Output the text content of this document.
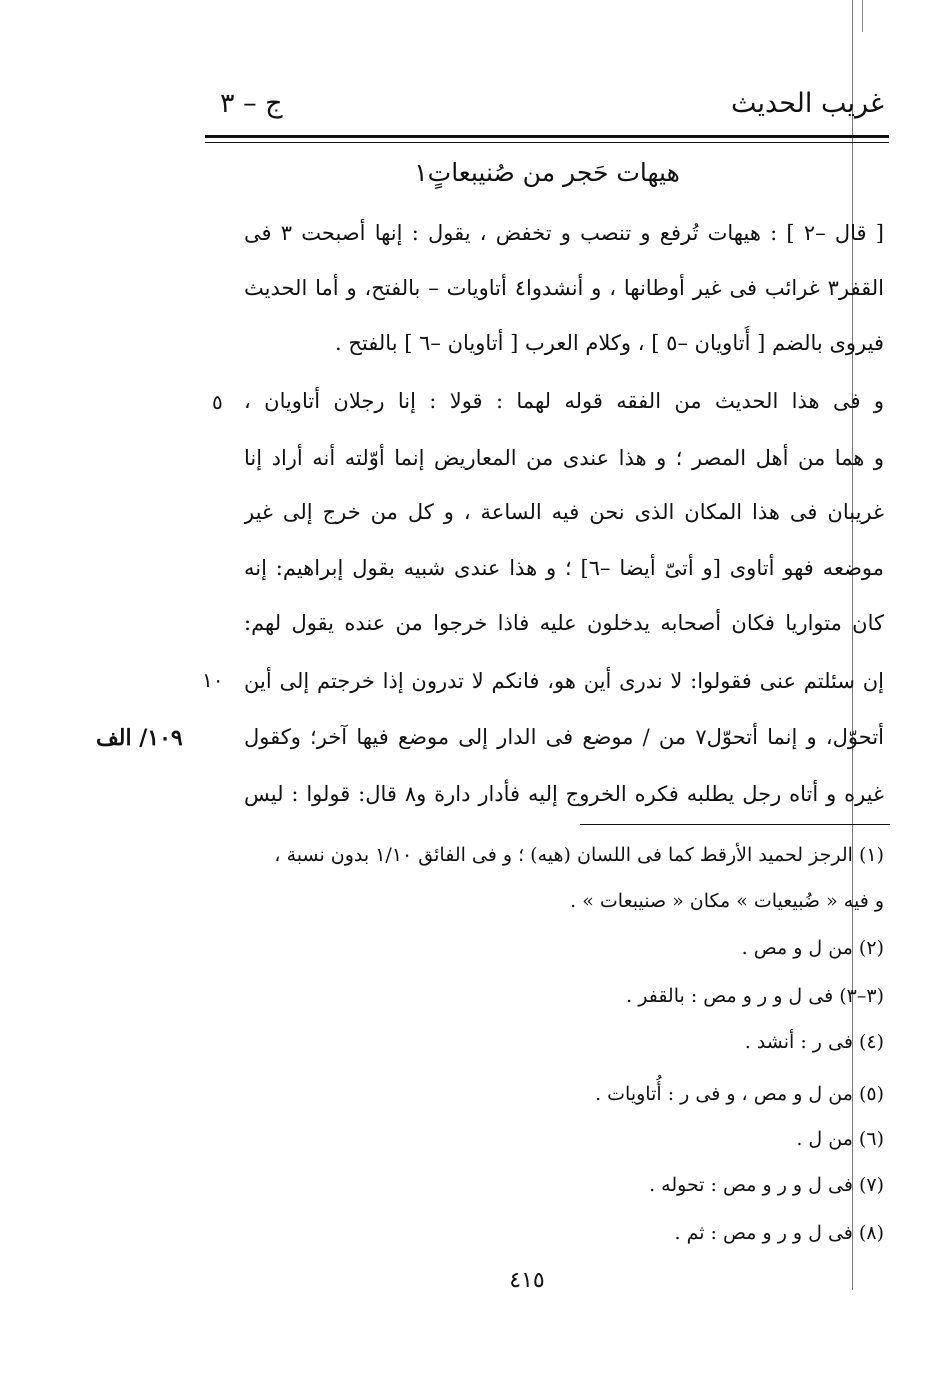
غريب الحديث
ج – ٣
هيهات حَجر من صُنيبعاتٍ١
[ قال –٢ ] : هيهات تُرفع و تنصب و تخفض ، يقول : إنها أصبحت ٣ فى
القفر٣ غرائب فى غير أوطانها ، و أنشدوا٤ أتاويات – بالفتح، و أما الحديث
فيروى بالضم [ أُتاويان –٥ ] ، وكلام العرب [ أتاويان –٦ ] بالفتح .
و فى هذا الحديث من الفقه قوله لهما : قولا : إنا رجلان أتاويان ،
و هما من أهل المصر ؛ و هذا عندى من المعاريض إنما أوّلته أنه أراد إنا
غريبان فى هذا المكان الذى نحن فيه الساعة ، و كل من خرج إلى غير
موضعه فهو أتاوى [و أتىّ أيضا –٦] ؛ و هذا عندى شبيه بقول إبراهيم: إنه
كان متواريا فكان أصحابه يدخلون عليه فاذا خرجوا من عنده يقول لهم:
إن سئلتم عنى فقولوا: لا ندرى أين هو، فانكم لا تدرون إذا خرجتم إلى أين
أتحوّل، و إنما أتحوّل٧ من / موضع فى الدار إلى موضع فيها آخر؛ وكقول
غيره و أتاه رجل يطلبه فكره الخروج إليه فأدار دارة و٨ قال: قولوا : ليس
٥
١٠
١٠٩/ الف
(١) الرجز لحميد الأرقط كما فى اللسان (هيه) ؛ و فى الفائق ١/١٠ بدون نسبة ،
و فيه « ضُبيعيات » مكان « صنيبعات » .
(٢) من ل و مص .
(٣–٣) فى ل و ر و مص : بالقفر .
(٤) فى ر : أنشد .
(٥) من ل و مص ، و فى ر : أُتاويات .
(٦) من ل .
(٧) فى ل و ر و مص : تحوله .
(٨) فى ل و ر و مص : ثم .
٤١٥
